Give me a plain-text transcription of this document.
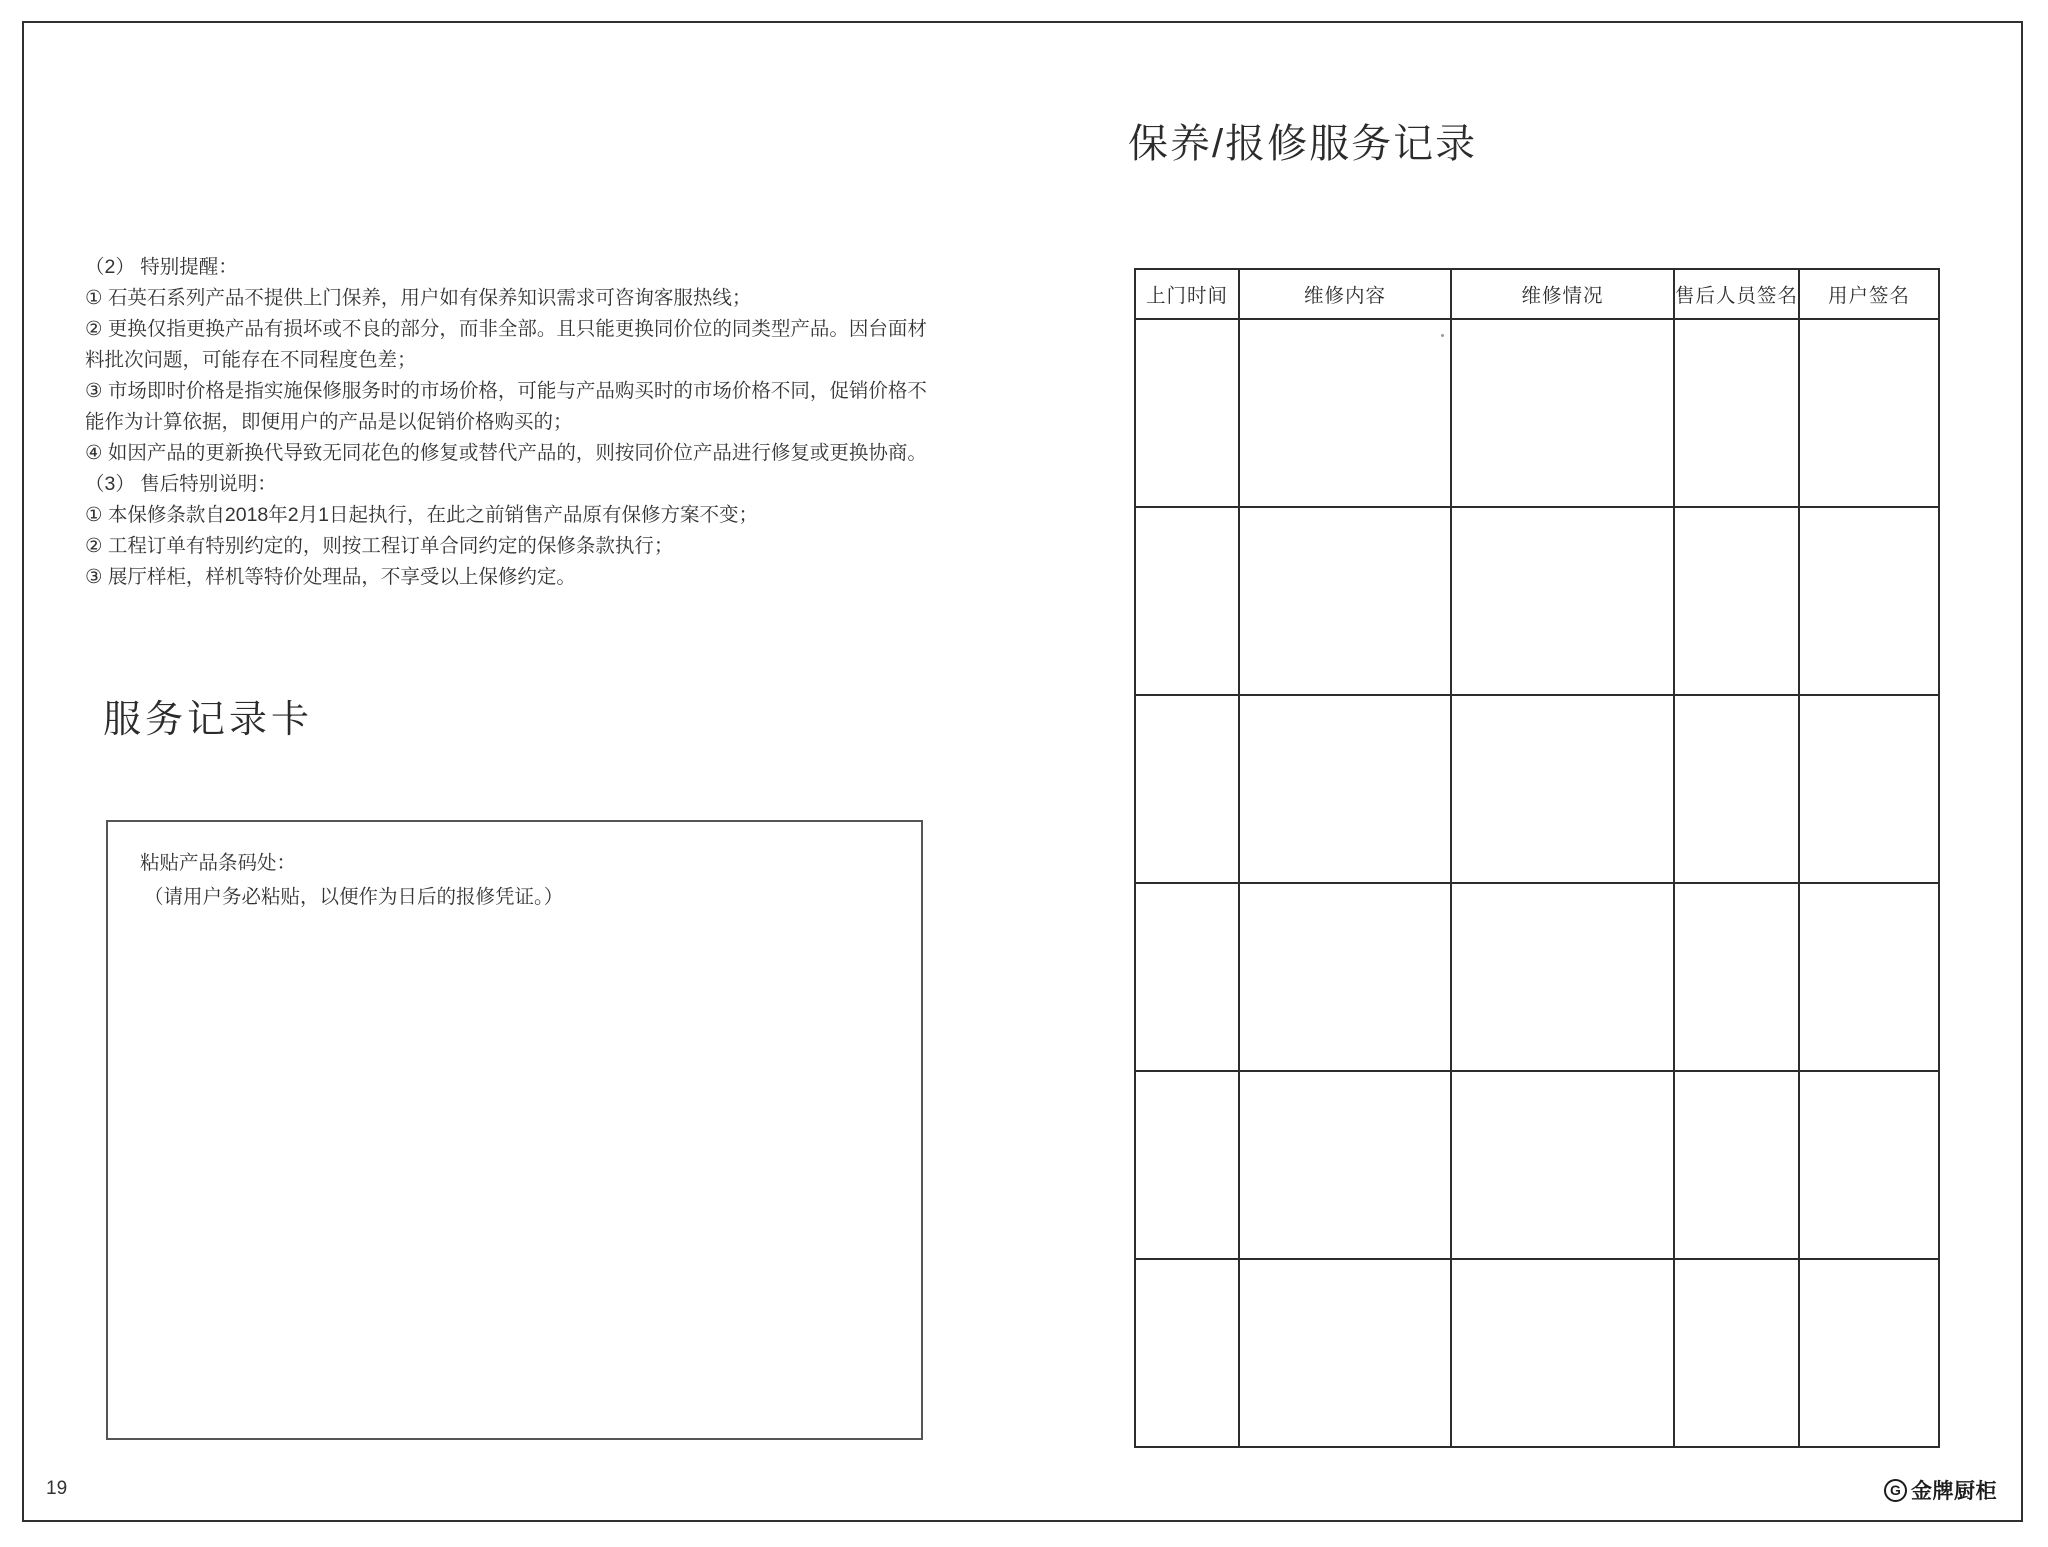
（2） 特别提醒：

① 石英石系列产品不提供上门保养，用户如有保养知识需求可咨询客服热线；

② 更换仅指更换产品有损坏或不良的部分，而非全部。且只能更换同价位的同类型产品。因台面材料批次问题，可能存在不同程度色差；

③ 市场即时价格是指实施保修服务时的市场价格，可能与产品购买时的市场价格不同，促销价格不能作为计算依据，即便用户的产品是以促销价格购买的；

④ 如因产品的更新换代导致无同花色的修复或替代产品的，则按同价位产品进行修复或更换协商。

（3） 售后特别说明：

① 本保修条款自2018年2月1日起执行，在此之前销售产品原有保修方案不变；

② 工程订单有特别约定的，则按工程订单合同约定的保修条款执行；

③ 展厅样柜，样机等特价处理品，不享受以上保修约定。

服务记录卡

粘贴产品条码处：

（请用户务必粘贴，以便作为日后的报修凭证。）

保养/报修服务记录
上门时间	维修内容	维修情况	售后人员签名	用户签名

19	G 金牌厨柜
